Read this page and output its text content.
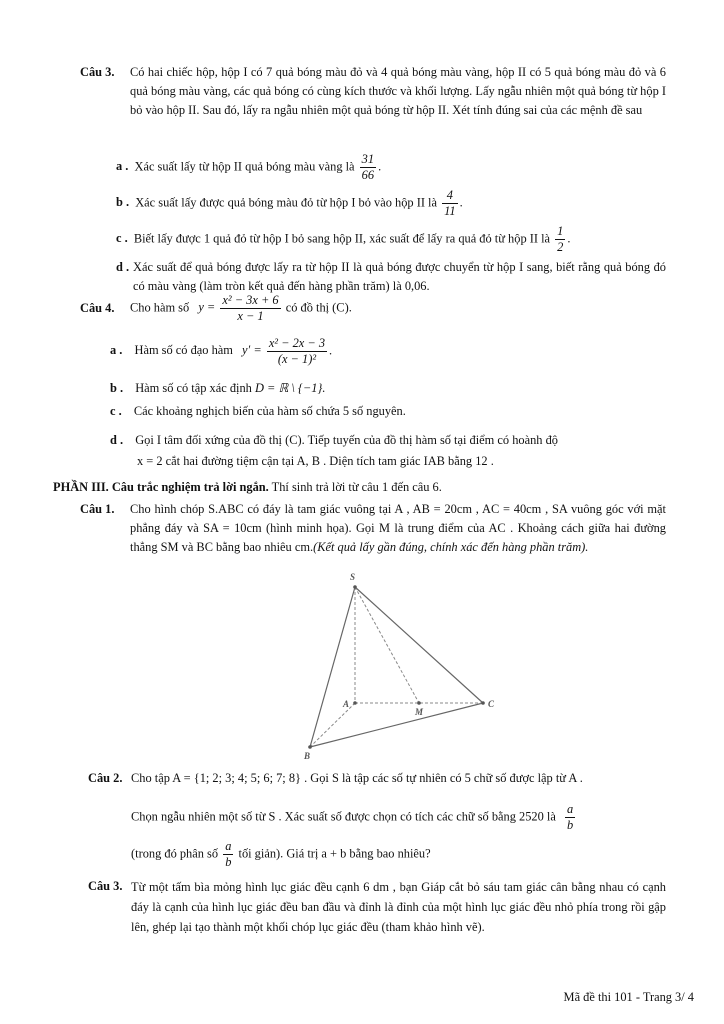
Câu 3. Có hai chiếc hộp, hộp I có 7 quả bóng màu đỏ và 4 quả bóng màu vàng, hộp II có 5 quả bóng màu đỏ và 6 quả bóng màu vàng, các quả bóng có cùng kích thước và khối lượng. Lấy ngẫu nhiên một quả bóng từ hộp I bỏ vào hộp II. Sau đó, lấy ra ngẫu nhiên một quả bóng từ hộp II. Xét tính đúng sai của các mệnh đề sau
a . Xác suất lấy từ hộp II quả bóng màu vàng là $\frac{31}{66}$ .
b . Xác suất lấy được quả bóng màu đỏ từ hộp I bỏ vào hộp II là $\frac{4}{11}$ .
c . Biết lấy được 1 quả đỏ từ hộp I bỏ sang hộp II, xác suất để lấy ra quả đỏ từ hộp II là $\frac{1}{2}$ .
d . Xác suất để quả bóng được lấy ra từ hộp II là quả bóng được chuyển từ hộp I sang, biết rằng quả bóng đó có màu vàng (làm tròn kết quả đến hàng phần trăm) là 0,06.
Câu 4. Cho hàm số $y = \frac{\text{x² − 3x + 6}}{x - 1}$ có đồ thị (C).
a . Hàm số có đạo hàm $y' = \frac{\text{x² − 2x − 3}}{\text{(x − 1)²}}$ .
b . Hàm số có tập xác định D = ℝ \ {−1}.
c . Các khoảng nghịch biến của hàm số chứa 5 số nguyên.
d . Gọi I tâm đối xứng của đồ thị (C). Tiếp tuyến của đồ thị hàm số tại điểm có hoành độ
x = 2 cắt hai đường tiệm cận tại A, B . Diện tích tam giác IAB bằng 12 .
PHẦN III. Câu trắc nghiệm trả lời ngắn. Thí sinh trả lời từ câu 1 đến câu 6.
Câu 1. Cho hình chóp S.ABC có đáy là tam giác vuông tại A , AB = 20cm , AC = 40cm , SA vuông góc với mặt phẳng đáy và SA = 10cm (hình minh họa). Gọi M là trung điểm của AC . Khoảng cách giữa hai đường thẳng SM và BC bằng bao nhiêu cm.(Kết quả lấy gần đúng, chính xác đến hàng phần trăm).
S
A
M
C
B
Câu 2. Cho tập A = {1; 2; 3; 4; 5; 6; 7; 8} . Gọi S là tập các số tự nhiên có 5 chữ số được lập từ A .
Chọn ngẫu nhiên một số từ S . Xác suất số được chọn có tích các chữ số bằng 2520 là $\frac{a}{b}$
(trong đó phân số $\frac{a}{b}$ tối giản). Giá trị a + b bằng bao nhiêu?
Câu 3. Từ một tấm bìa mỏng hình lục giác đều cạnh 6 dm , bạn Giáp cắt bỏ sáu tam giác cân bằng nhau có cạnh đáy là cạnh của hình lục giác đều ban đầu và đỉnh là đỉnh của một hình lục giác đều nhỏ phía trong rồi gập lên, ghép lại tạo thành một khối chóp lục giác đều (tham khảo hình vẽ).
Mã đề thi 101 - Trang 3/ 4
